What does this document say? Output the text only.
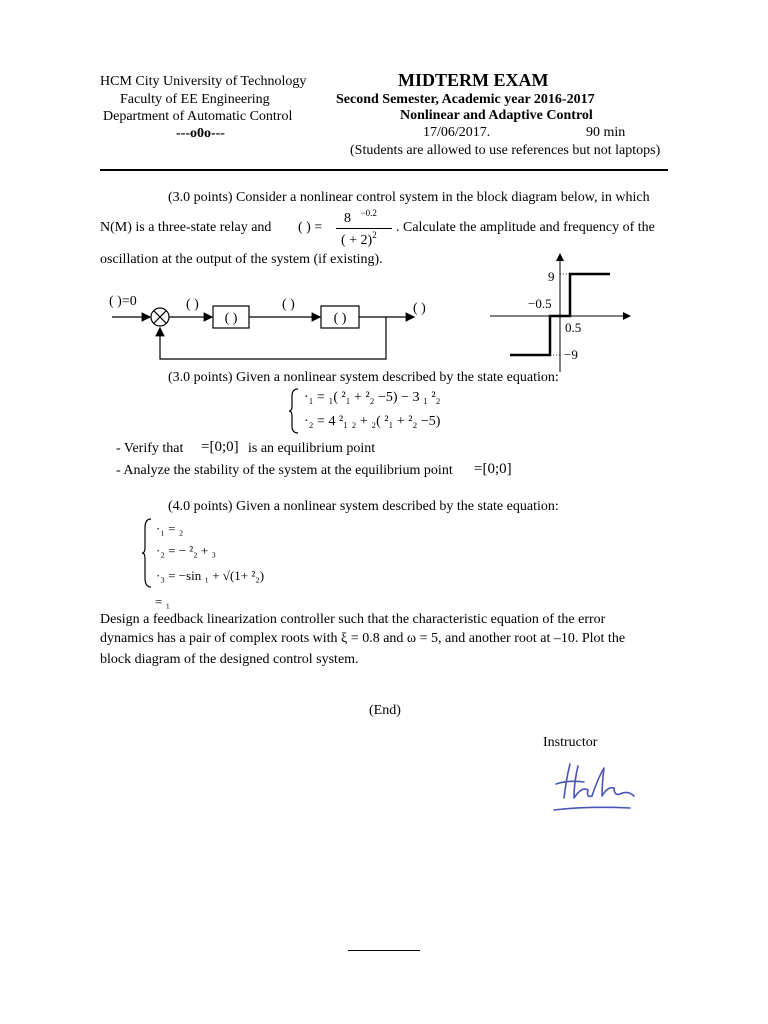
HCM City University of Technology
Faculty of EE Engineering
Department of Automatic Control
---o0o---
MIDTERM EXAM
Second Semester, Academic year 2016-2017
Nonlinear and Adaptive Control
17/06/2017.	90 min
(Students are allowed to use references but not laptops)
(3.0 points) Consider a nonlinear control system in the block diagram below, in which
N(M) is a three-state relay and ( ) =
8 $^{-0.2}$
( + 2)$^2$ . Calculate the amplitude and frequency of the
oscillation at the output of the system (if existing).
( )	( )
( )=0	( )	( )	( )
9
−0.5
0.5
−9
(3.0 points) Given a nonlinear system described by the state equation:
·₁ = ₁( ²₁ + ²₂ −5) − 3 ₁ ²₂
·₂ = 4 ²₁ ₂ + ₂( ²₁ + ²₂ −5)
- Verify that =[0;0] is an equilibrium point
- Analyze the stability of the system at the equilibrium point =[0;0]
(4.0 points) Given a nonlinear system described by the state equation:
·₁ = ₂
·₂ = − ²₂ + ₃
·₃ = −sin ₁ + √(1+ ²₂)
= ₁
Design a feedback linearization controller such that the characteristic equation of the error
dynamics has a pair of complex roots with ξ = 0.8 and ω = 5, and another root at –10. Plot the
block diagram of the designed control system.
(End)
Instructor
